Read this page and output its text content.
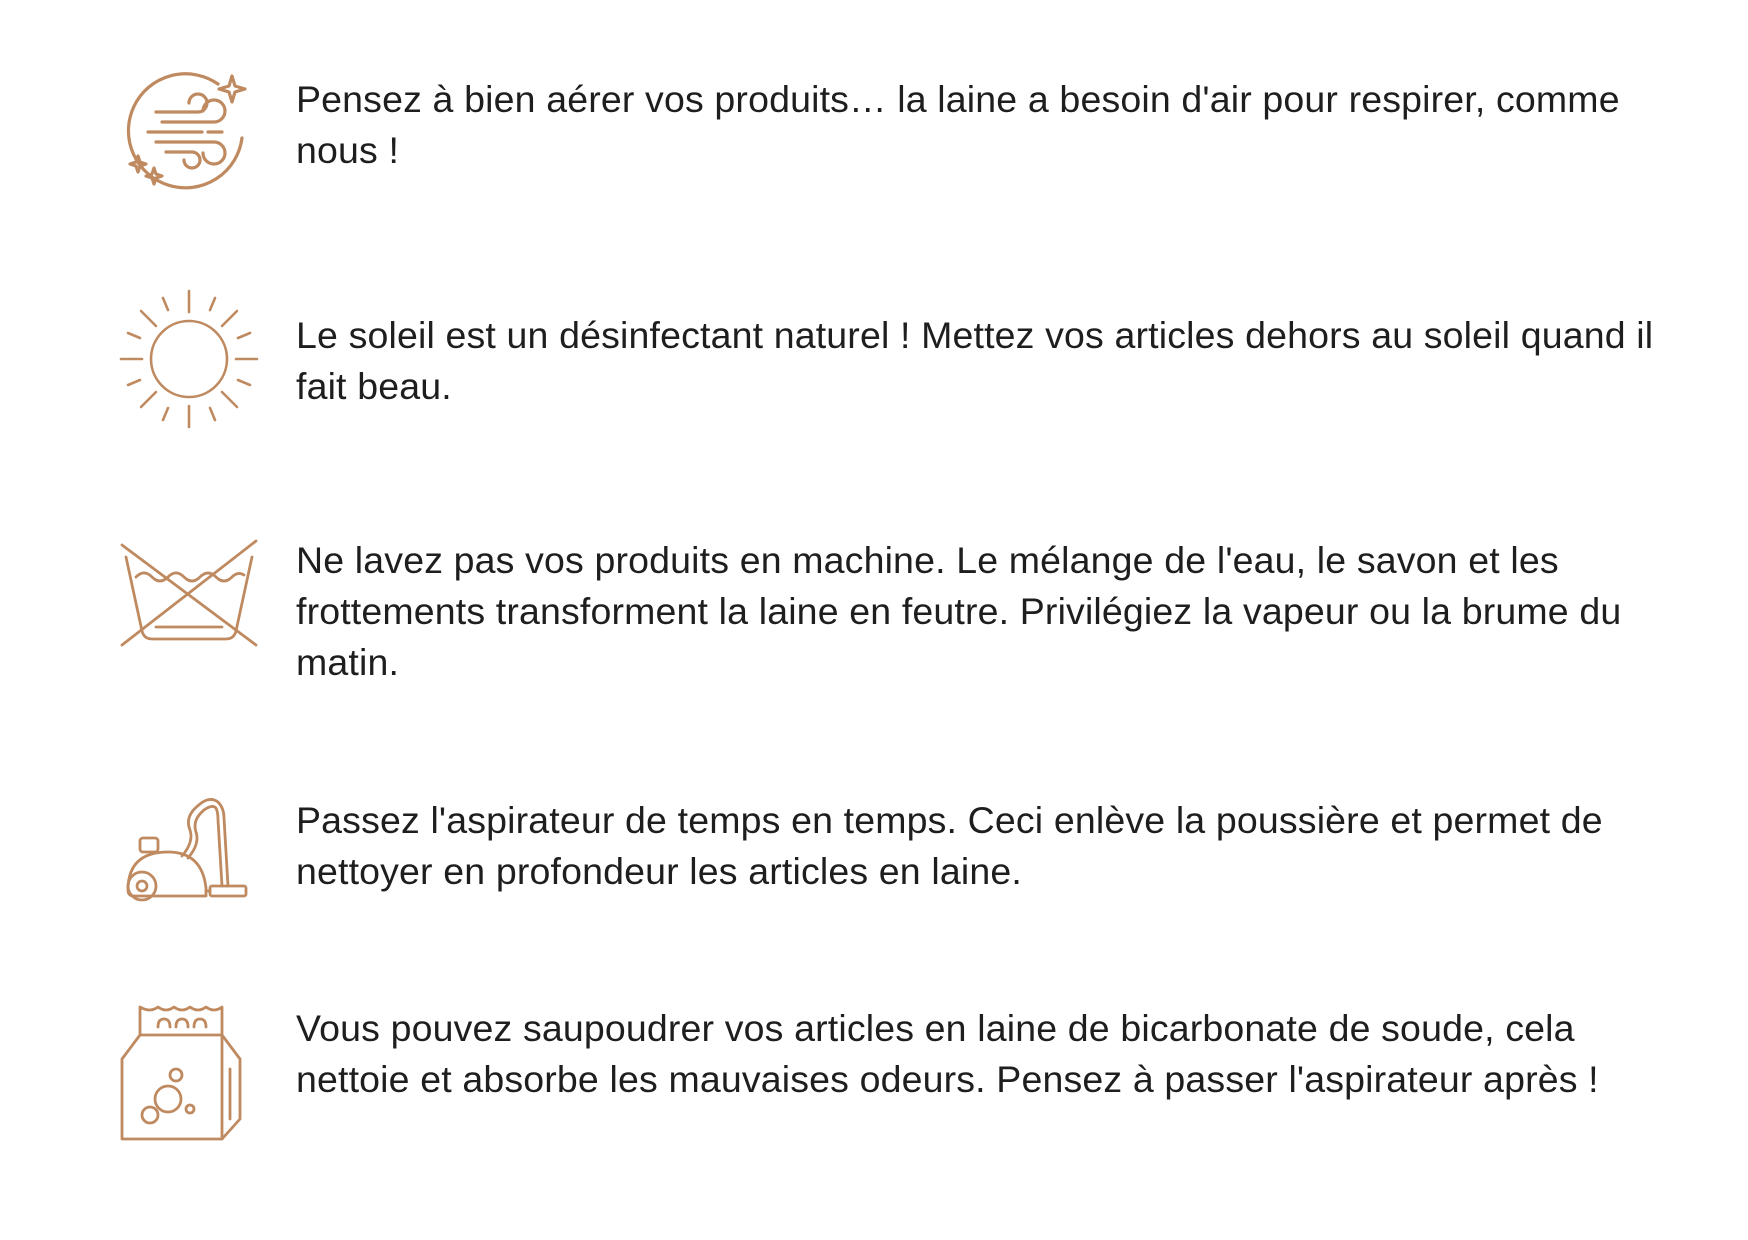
Pensez à bien aérer vos produits… la laine a besoin d'air pour respirer, comme nous !

Le soleil est un désinfectant naturel ! Mettez vos articles dehors au soleil quand il fait beau.

Ne lavez pas vos produits en machine. Le mélange de l'eau, le savon et les frottements transforment la laine en feutre. Privilégiez la vapeur ou la brume du matin.

Passez l'aspirateur de temps en temps. Ceci enlève la poussière et permet de nettoyer en profondeur les articles en laine.

Vous pouvez saupoudrer vos articles en laine de bicarbonate de soude, cela nettoie et absorbe les mauvaises odeurs. Pensez à passer l'aspirateur après !
